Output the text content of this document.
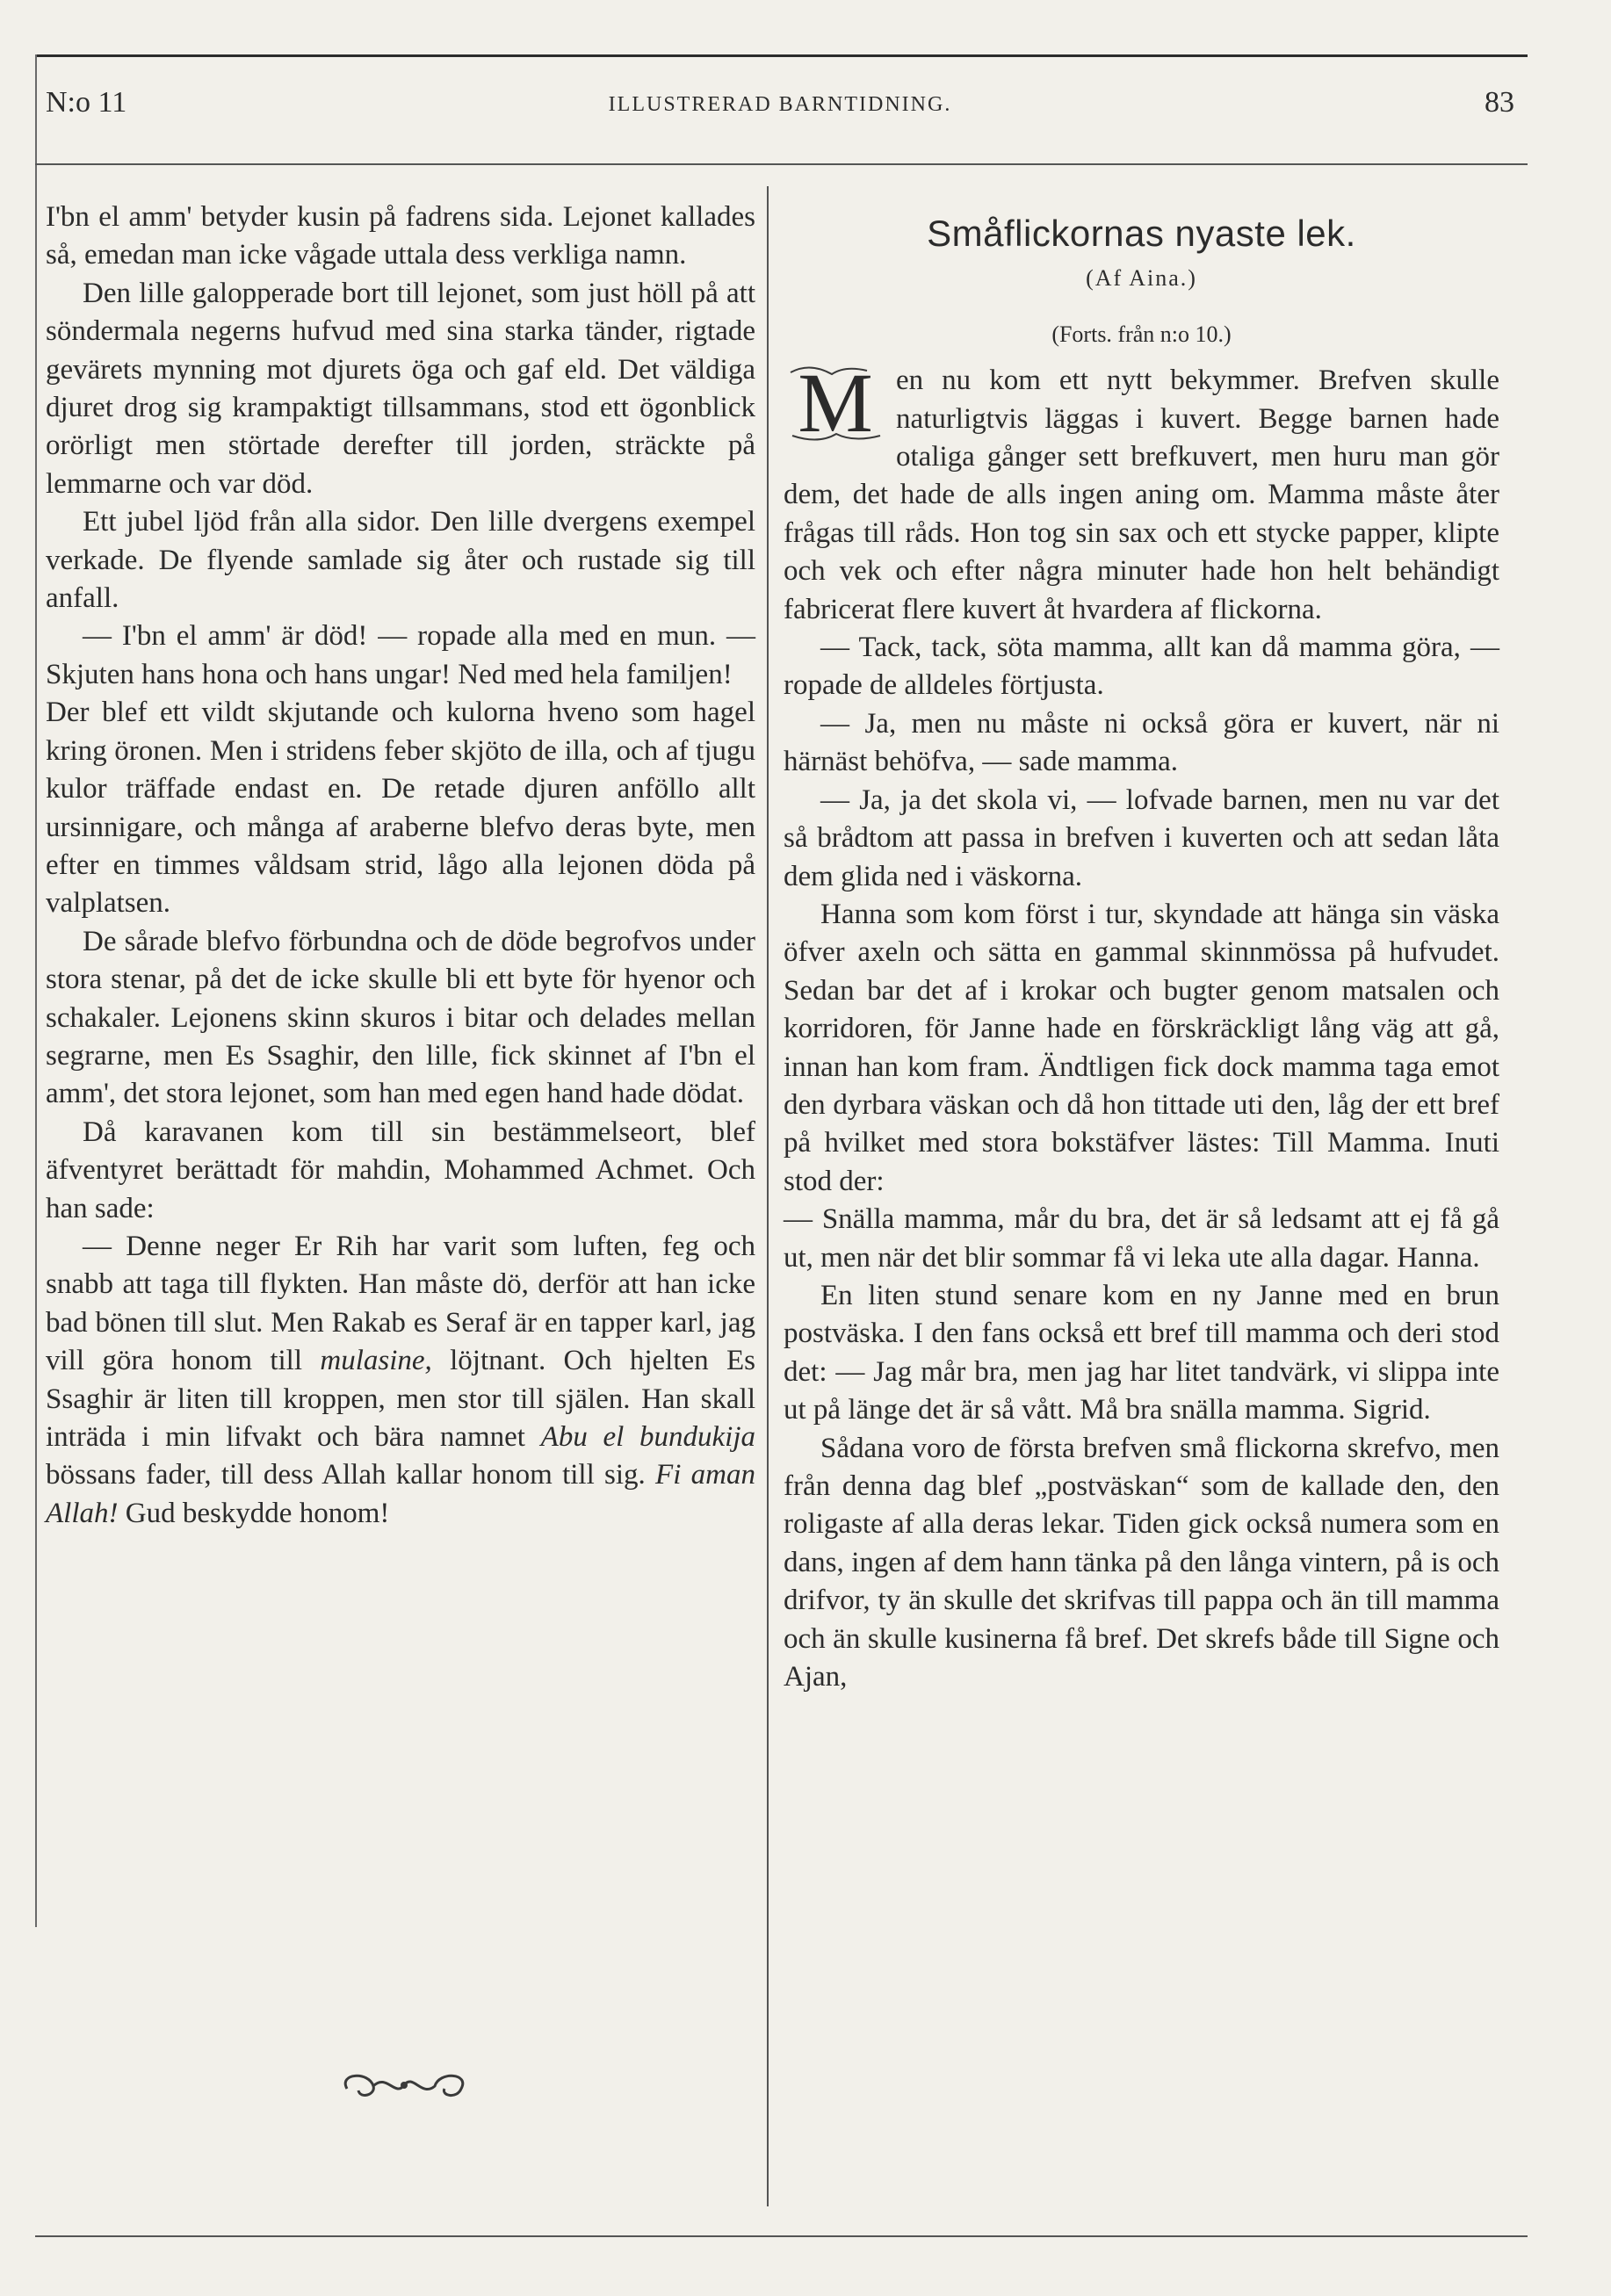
N:o 11	ILLUSTRERAD BARNTIDNING.	83

I'bn el amm' betyder kusin på fadrens sida. Lejonet kallades så, emedan man icke vågade uttala dess verkliga namn.

Den lille galopperade bort till lejonet, som just höll på att söndermala negerns hufvud med sina starka tänder, rigtade gevärets mynning mot djurets öga och gaf eld. Det väldiga djuret drog sig krampaktigt tillsammans, stod ett ögonblick orörligt men störtade derefter till jorden, sträckte på lemmarne och var död.

Ett jubel ljöd från alla sidor. Den lille dvergens exempel verkade. De flyende samlade sig åter och rustade sig till anfall.

— I'bn el amm' är död! — ropade alla med en mun. — Skjuten hans hona och hans ungar! Ned med hela familjen!

Der blef ett vildt skjutande och kulorna hveno som hagel kring öronen. Men i stridens feber skjöto de illa, och af tjugu kulor träffade endast en. De retade djuren anföllo allt ursinnigare, och många af araberne blefvo deras byte, men efter en timmes våldsam strid, lågo alla lejonen döda på valplatsen.

De sårade blefvo förbundna och de döde begrofvos under stora stenar, på det de icke skulle bli ett byte för hyenor och schakaler. Lejonens skinn skuros i bitar och delades mellan segrarne, men Es Ssaghir, den lille, fick skinnet af I'bn el amm', det stora lejonet, som han med egen hand hade dödat.

Då karavanen kom till sin bestämmelseort, blef äfventyret berättadt för mahdin, Mohammed Achmet. Och han sade:

— Denne neger Er Rih har varit som luften, feg och snabb att taga till flykten. Han måste dö, derför att han icke bad bönen till slut. Men Rakab es Seraf är en tapper karl, jag vill göra honom till mulasine, löjtnant. Och hjelten Es Ssaghir är liten till kroppen, men stor till själen. Han skall inträda i min lifvakt och bära namnet Abu el bundukija bössans fader, till dess Allah kallar honom till sig. Fi aman Allah! Gud beskydde honom!

Småflickornas nyaste lek.
(Af Aina.)
(Forts. från n:o 10.)
M en nu kom ett nytt bekymmer. Brefven skulle naturligtvis läggas i kuvert. Begge barnen hade otaliga gånger sett brefkuvert, men huru man gör dem, det hade de alls ingen aning om. Mamma måste åter frågas till råds. Hon tog sin sax och ett stycke papper, klipte och vek och efter några minuter hade hon helt behändigt fabricerat flere kuvert åt hvardera af flickorna.

— Tack, tack, söta mamma, allt kan då mamma göra, — ropade de alldeles förtjusta.

— Ja, men nu måste ni också göra er kuvert, när ni härnäst behöfva, — sade mamma.

— Ja, ja det skola vi, — lofvade barnen, men nu var det så brådtom att passa in brefven i kuverten och att sedan låta dem glida ned i väskorna.

Hanna som kom först i tur, skyndade att hänga sin väska öfver axeln och sätta en gammal skinnmössa på hufvudet. Sedan bar det af i krokar och bugter genom matsalen och korridoren, för Janne hade en förskräckligt lång väg att gå, innan han kom fram. Ändtligen fick dock mamma taga emot den dyrbara väskan och då hon tittade uti den, låg der ett bref på hvilket med stora bokstäfver lästes: Till Mamma. Inuti stod der:

— Snälla mamma, mår du bra, det är så ledsamt att ej få gå ut, men när det blir sommar få vi leka ute alla dagar. Hanna.

En liten stund senare kom en ny Janne med en brun postväska. I den fans också ett bref till mamma och deri stod det: — Jag mår bra, men jag har litet tandvärk, vi slippa inte ut på länge det är så vått. Må bra snälla mamma. Sigrid.

Sådana voro de första brefven små flickorna skrefvo, men från denna dag blef „postväskan“ som de kallade den, den roligaste af alla deras lekar. Tiden gick också numera som en dans, ingen af dem hann tänka på den långa vintern, på is och drifvor, ty än skulle det skrifvas till pappa och än till mamma och än skulle kusinerna få bref. Det skrefs både till Signe och Ajan,
